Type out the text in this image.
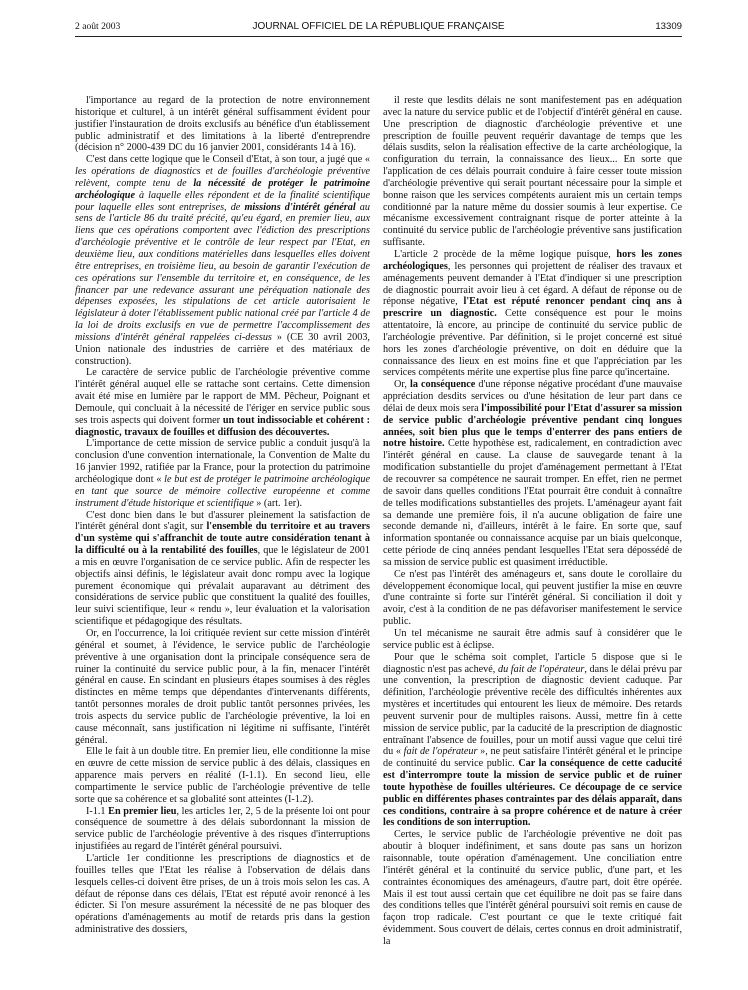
2 août 2003	JOURNAL OFFICIEL DE LA RÉPUBLIQUE FRANÇAISE	13309

l'importance au regard de la protection de notre environnement historique et culturel, à un intérêt général suffisamment évident pour justifier l'instauration de droits exclusifs au bénéfice d'un établissement public administratif et des limitations à la liberté d'entreprendre (décision n° 2000-439 DC du 16 janvier 2001, considérants 14 à 16).

C'est dans cette logique que le Conseil d'Etat, à son tour, a jugé que « les opérations de diagnostics et de fouilles d'archéologie préventive relèvent, compte tenu de la nécessité de protéger le patrimoine archéologique à laquelle elles répondent et de la finalité scientifique pour laquelle elles sont entreprises, de missions d'intérêt général au sens de l'article 86 du traité précité, qu'eu égard, en premier lieu, aux liens que ces opérations comportent avec l'édiction des prescriptions d'archéologie préventive et le contrôle de leur respect par l'Etat, en deuxième lieu, aux conditions matérielles dans lesquelles elles doivent être entreprises, en troisième lieu, au besoin de garantir l'exécution de ces opérations sur l'ensemble du territoire et, en conséquence, de les financer par une redevance assurant une péréquation nationale des dépenses exposées, les stipulations de cet article autorisaient le législateur à doter l'établissement public national créé par l'article 4 de la loi de droits exclusifs en vue de permettre l'accomplissement des missions d'intérêt général rappelées ci-dessus » (CE 30 avril 2003, Union nationale des industries de carrière et des matériaux de construction).

Le caractère de service public de l'archéologie préventive comme l'intérêt général auquel elle se rattache sont certains. Cette dimension avait été mise en lumière par le rapport de MM. Pêcheur, Poignant et Demoule, qui concluait à la nécessité de l'ériger en service public sous ses trois aspects qui doivent former un tout indissociable et cohérent : diagnostic, travaux de fouilles et diffusion des découvertes.

L'importance de cette mission de service public a conduit jusqu'à la conclusion d'une convention internationale, la Convention de Malte du 16 janvier 1992, ratifiée par la France, pour la protection du patrimoine archéologique dont « le but est de protéger le patrimoine archéologique en tant que source de mémoire collective européenne et comme instrument d'étude historique et scientifique » (art. 1er).

C'est donc bien dans le but d'assurer pleinement la satisfaction de l'intérêt général dont s'agit, sur l'ensemble du territoire et au travers d'un système qui s'affranchit de toute autre considération tenant à la difficulté ou à la rentabilité des fouilles, que le législateur de 2001 a mis en œuvre l'organisation de ce service public. Afin de respecter les objectifs ainsi définis, le législateur avait donc rompu avec la logique purement économique qui prévalait auparavant au détriment des considérations de service public que constituent la qualité des fouilles, leur suivi scientifique, leur « rendu », leur évaluation et la valorisation scientifique et pédagogique des résultats.

Or, en l'occurrence, la loi critiquée revient sur cette mission d'intérêt général et soumet, à l'évidence, le service public de l'archéologie préventive à une organisation dont la principale conséquence sera de ruiner la continuité du service public pour, à la fin, menacer l'intérêt général en cause. En scindant en plusieurs étapes soumises à des règles distinctes en même temps que dépendantes d'intervenants différents, tantôt personnes morales de droit public tantôt personnes privées, les trois aspects du service public de l'archéologie préventive, la loi en cause méconnaît, sans justification ni légitime ni suffisante, l'intérêt général.

Elle le fait à un double titre. En premier lieu, elle conditionne la mise en œuvre de cette mission de service public à des délais, classiques en apparence mais pervers en réalité (I-1.1). En second lieu, elle compartimente le service public de l'archéologie préventive de telle sorte que sa cohérence et sa globalité sont atteintes (I-1.2).

I-1.1 En premier lieu, les articles 1er, 2, 5 de la présente loi ont pour conséquence de soumettre à des délais subordonnant la mission de service public de l'archéologie préventive à des risques d'interruptions injustifiées au regard de l'intérêt général poursuivi.

L'article 1er conditionne les prescriptions de diagnostics et de fouilles telles que l'Etat les réalise à l'observation de délais dans lesquels celles-ci doivent être prises, de un à trois mois selon les cas. A défaut de réponse dans ces délais, l'Etat est réputé avoir renoncé à les édicter. Si l'on mesure assurément la nécessité de ne pas bloquer des opérations d'aménagements au motif de retards pris dans la gestion administrative des dossiers,

il reste que lesdits délais ne sont manifestement pas en adéquation avec la nature du service public et de l'objectif d'intérêt général en cause. Une prescription de diagnostic d'archéologie préventive et une prescription de fouille peuvent requérir davantage de temps que les délais susdits, selon la réalisation effective de la carte archéologique, la configuration du terrain, la connaissance des lieux... En sorte que l'application de ces délais pourrait conduire à faire cesser toute mission d'archéologie préventive qui serait pourtant nécessaire pour la simple et bonne raison que les services compétents auraient mis un certain temps conditionné par la nature même du dossier soumis à leur expertise. Ce mécanisme excessivement contraignant risque de porter atteinte à la continuité du service public de l'archéologie préventive sans justification suffisante.

L'article 2 procède de la même logique puisque, hors les zones archéologiques, les personnes qui projettent de réaliser des travaux et aménagements peuvent demander à l'Etat d'indiquer si une prescription de diagnostic pourrait avoir lieu à cet égard. A défaut de réponse ou de réponse négative, l'Etat est réputé renoncer pendant cinq ans à prescrire un diagnostic. Cette conséquence est pour le moins attentatoire, là encore, au principe de continuité du service public de l'archéologie préventive. Par définition, si le projet concerné est situé hors les zones d'archéologie préventive, on doit en déduire que la connaissance des lieux en est moins fine et que l'appréciation par les services compétents mérite une expertise plus fine parce qu'incertaine.

Or, la conséquence d'une réponse négative procédant d'une mauvaise appréciation desdits services ou d'une hésitation de leur part dans ce délai de deux mois sera l'impossibilité pour l'Etat d'assurer sa mission de service public d'archéologie préventive pendant cinq longues années, soit bien plus que le temps d'enterrer des pans entiers de notre histoire. Cette hypothèse est, radicalement, en contradiction avec l'intérêt général en cause. La clause de sauvegarde tenant à la modification substantielle du projet d'aménagement permettant à l'Etat de recouvrer sa compétence ne saurait tromper. En effet, rien ne permet de savoir dans quelles conditions l'Etat pourrait être conduit à connaître de telles modifications substantielles des projets. L'aménageur ayant fait sa demande une première fois, il n'a aucune obligation de faire une seconde demande ni, d'ailleurs, intérêt à le faire. En sorte que, sauf information spontanée ou connaissance acquise par un biais quelconque, cette période de cinq années pendant lesquelles l'Etat sera dépossédé de sa mission de service public est quasiment irréductible.

Ce n'est pas l'intérêt des aménageurs et, sans doute le corollaire du développement économique local, qui peuvent justifier la mise en œuvre d'une contrainte si forte sur l'intérêt général. Si conciliation il doit y avoir, c'est à la condition de ne pas défavoriser manifestement le service public.

Un tel mécanisme ne saurait être admis sauf à considérer que le service public est à éclipse.

Pour que le schéma soit complet, l'article 5 dispose que si le diagnostic n'est pas achevé, du fait de l'opérateur, dans le délai prévu par une convention, la prescription de diagnostic devient caduque. Par définition, l'archéologie préventive recèle des difficultés inhérentes aux mystères et incertitudes qui entourent les lieux de mémoire. Des retards peuvent survenir pour de multiples raisons. Aussi, mettre fin à cette mission de service public, par la caducité de la prescription de diagnostic entraînant l'absence de fouilles, pour un motif aussi vague que celui tiré du « fait de l'opérateur », ne peut satisfaire l'intérêt général et le principe de continuité du service public. Car la conséquence de cette caducité est d'interrompre toute la mission de service public et de ruiner toute hypothèse de fouilles ultérieures. Ce découpage de ce service public en différentes phases contraintes par des délais apparaît, dans ces conditions, contraire à sa propre cohérence et de nature à créer les conditions de son interruption.

Certes, le service public de l'archéologie préventive ne doit pas aboutir à bloquer indéfiniment, et sans doute pas sans un horizon raisonnable, toute opération d'aménagement. Une conciliation entre l'intérêt général et la continuité du service public, d'une part, et les contraintes économiques des aménageurs, d'autre part, doit être opérée. Mais il est tout aussi certain que cet équilibre ne doit pas se faire dans des conditions telles que l'intérêt général poursuivi soit remis en cause de façon trop radicale. C'est pourtant ce que le texte critiqué fait évidemment. Sous couvert de délais, certes connus en droit administratif, la
